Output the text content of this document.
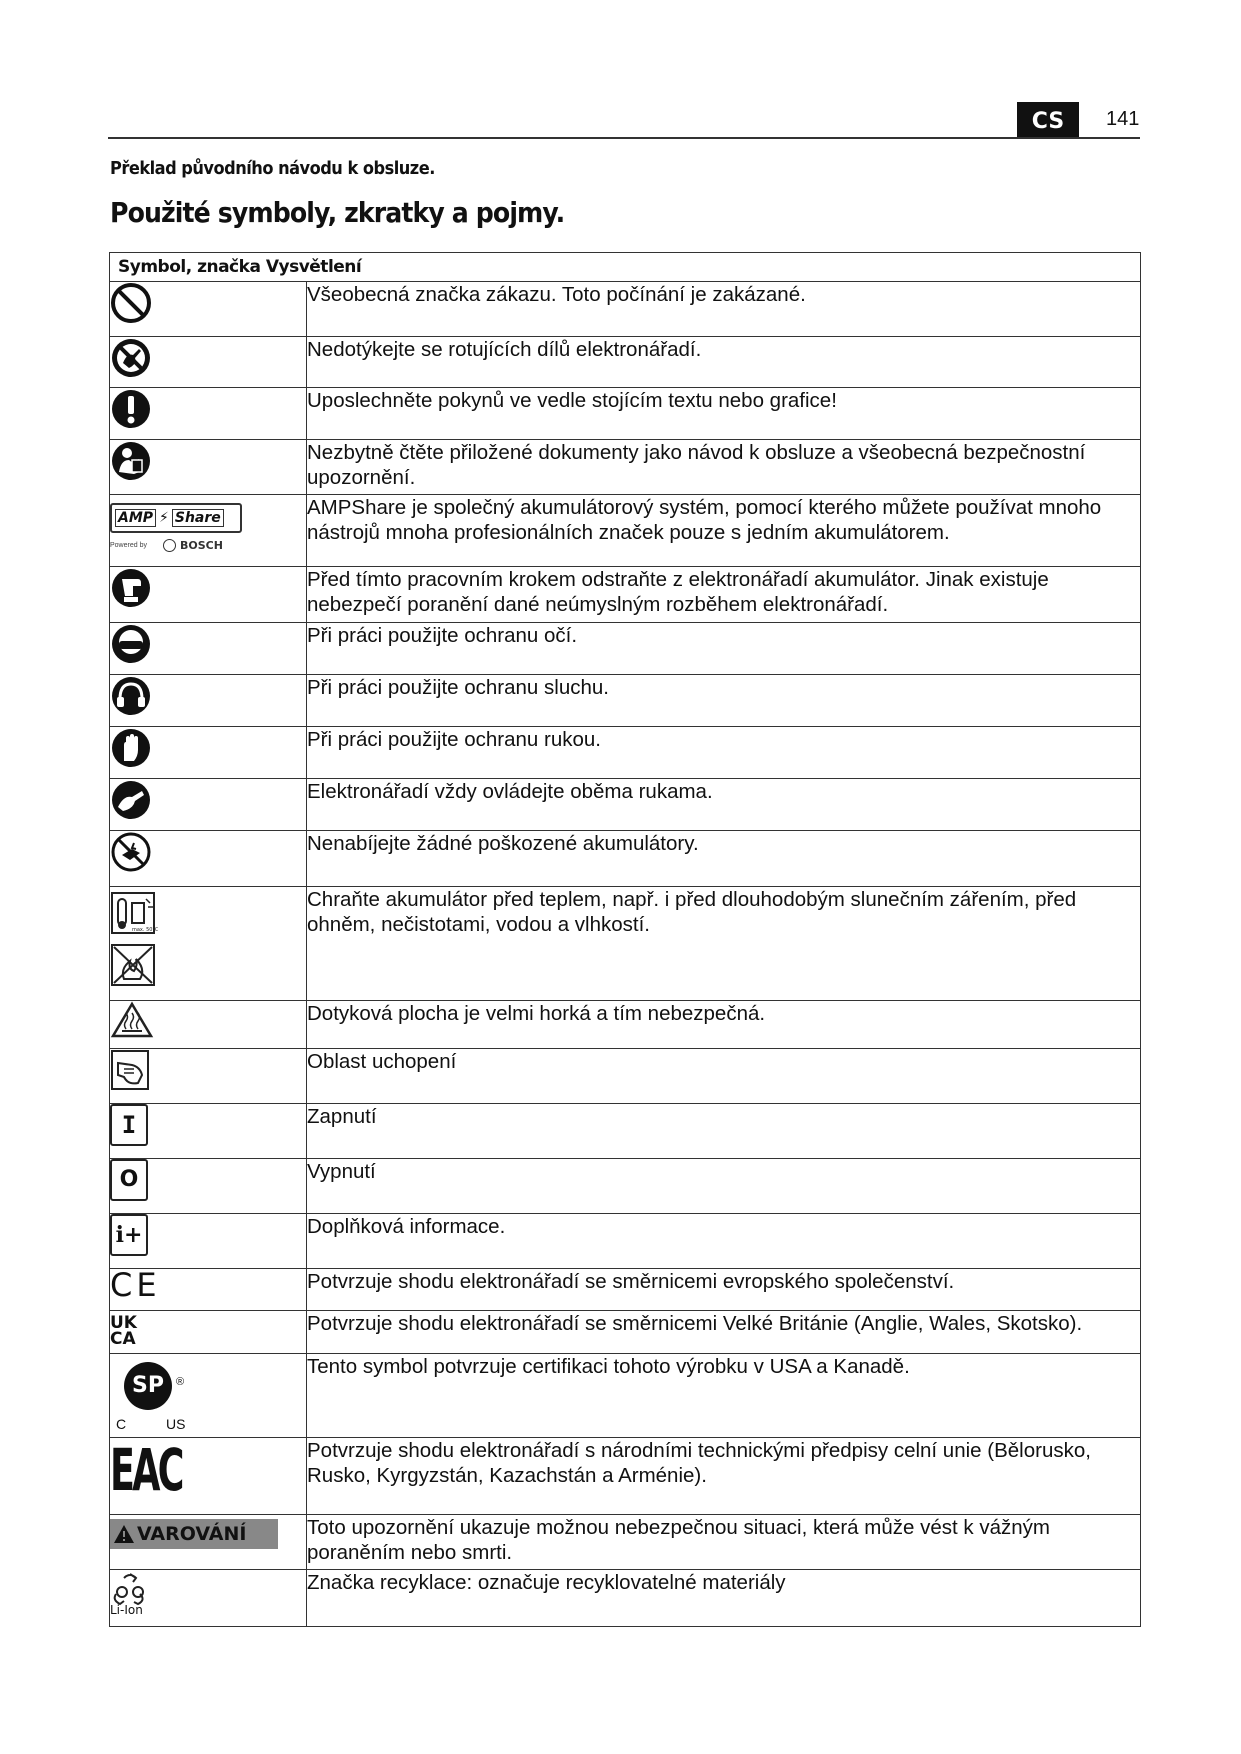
CS	141
Překlad původního návodu k obsluze.
Použité symboly, zkratky a pojmy.
Symbol, značka Vysvětlení	

	Všeobecná značka zákazu. Toto počínání je zakázané.

	Nedotýkejte se rotujících dílů elektronářadí.

	Uposlechněte pokynů ve vedle stojícím textu nebo grafice!

	Nezbytně čtěte přiložené dokumenty jako návod k obsluze a všeobecná bezpečnostní upozornění.

AMP ⚡ Share
Powered by BOSCH	AMPShare je společný akumulátorový systém, pomocí kterého můžete používat mnoho nástrojů mnoha profesionálních značek pouze s jedním akumulátorem.

	Před tímto pracovním krokem odstraňte z elektronářadí akumulátor. Jinak existuje nebezpečí poranění dané neúmyslným rozběhem elektronářadí.

	Při práci použijte ochranu očí.

	Při práci použijte ochranu sluchu.

	Při práci použijte ochranu rukou.

	Elektronářadí vždy ovládejte oběma rukama.

	Nenabíjejte žádné poškozené akumulátory.

max. 50°C	Chraňte akumulátor před teplem, např. i před dlouhodobým slunečním zářením, před ohněm, nečistotami, vodou a vlhkostí.

	Dotyková plocha je velmi horká a tím nebezpečná.

	Oblast uchopení

I	Zapnutí

O	Vypnutí

i+	Doplňková informace.

CE	Potvrzuje shodu elektronářadí se směrnicemi evropského společenství.

UK
CA	Potvrzuje shodu elektronářadí se směrnicemi Velké Británie (Anglie, Wales, Skotsko).

SP ®
C US	Tento symbol potvrzuje certifikaci tohoto výrobku v USA a Kanadě.

EAC	Potvrzuje shodu elektronářadí s národními technickými předpisy celní unie (Bělorusko, Rusko, Kyrgyzstán, Kazachstán a Arménie).

VAROVÁNÍ	Toto upozornění ukazuje možnou nebezpečnou situaci, která může vést k vážným poraněním nebo smrti.

Li-Ion	Značka recyklace: označuje recyklovatelné materiály
